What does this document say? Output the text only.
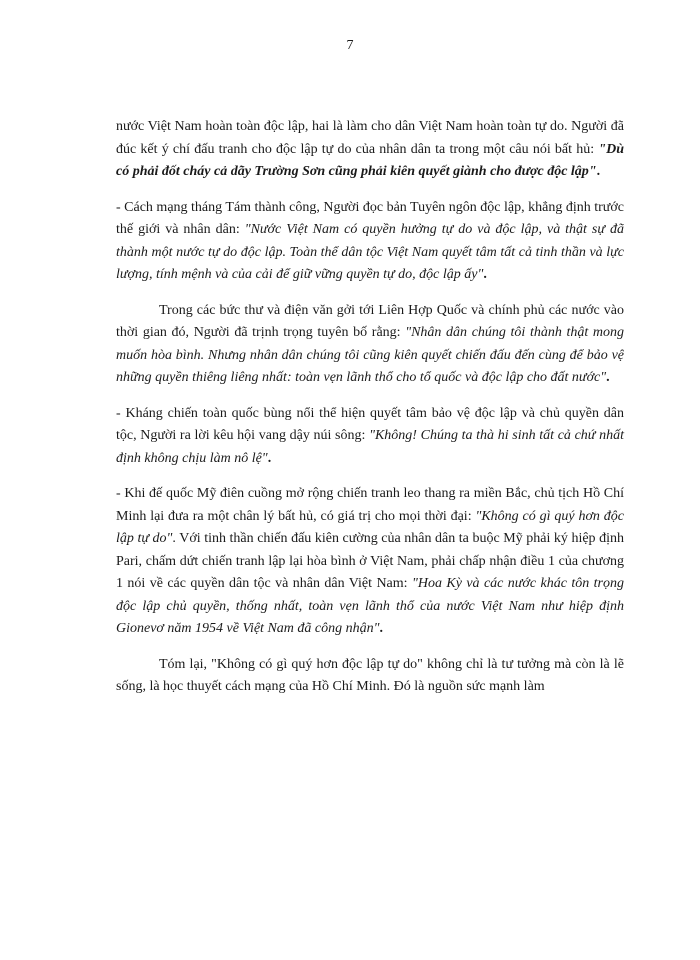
7

nước Việt Nam hoàn toàn độc lập, hai là làm cho dân Việt Nam hoàn toàn tự do. Người đã đúc kết ý chí đấu tranh cho độc lập tự do của nhân dân ta trong một câu nói bất hủ: "Dù có phải đốt cháy cả dãy Trường Sơn cũng phải kiên quyết giành cho được độc lập".

- Cách mạng tháng Tám thành công, Người đọc bản Tuyên ngôn độc lập, khẳng định trước thế giới và nhân dân: "Nước Việt Nam có quyền hưởng tự do và độc lập, và thật sự đã thành một nước tự do độc lập. Toàn thể dân tộc Việt Nam quyết tâm tất cả tinh thần và lực lượng, tính mệnh và của cải để giữ vững quyền tự do, độc lập ấy".

Trong các bức thư và điện văn gởi tới Liên Hợp Quốc và chính phủ các nước vào thời gian đó, Người đã trịnh trọng tuyên bố rằng: "Nhân dân chúng tôi thành thật mong muốn hòa bình. Nhưng nhân dân chúng tôi cũng kiên quyết chiến đấu đến cùng để bảo vệ những quyền thiêng liêng nhất: toàn vẹn lãnh thổ cho tổ quốc và độc lập cho đất nước".

- Kháng chiến toàn quốc bùng nổi thể hiện quyết tâm bảo vệ độc lập và chủ quyền dân tộc, Người ra lời kêu hội vang dậy núi sông: "Không! Chúng ta thà hi sinh tất cả chứ nhất định không chịu làm nô lệ".

- Khi đế quốc Mỹ điên cuồng mở rộng chiến tranh leo thang ra miền Bắc, chủ tịch Hồ Chí Minh lại đưa ra một chân lý bất hủ, có giá trị cho mọi thời đại: "Không có gì quý hơn độc lập tự do". Với tinh thần chiến đấu kiên cường của nhân dân ta buộc Mỹ phải ký hiệp định Pari, chấm dứt chiến tranh lập lại hòa bình ở Việt Nam, phải chấp nhận điều 1 của chương 1 nói về các quyền dân tộc và nhân dân Việt Nam: "Hoa Kỳ và các nước khác tôn trọng độc lập chủ quyền, thống nhất, toàn vẹn lãnh thổ của nước Việt Nam như hiệp định Gionevơ năm 1954 về Việt Nam đã công nhận".

Tóm lại, "Không có gì quý hơn độc lập tự do" không chỉ là tư tưởng mà còn là lẽ sống, là học thuyết cách mạng của Hồ Chí Minh. Đó là nguồn sức mạnh làm
